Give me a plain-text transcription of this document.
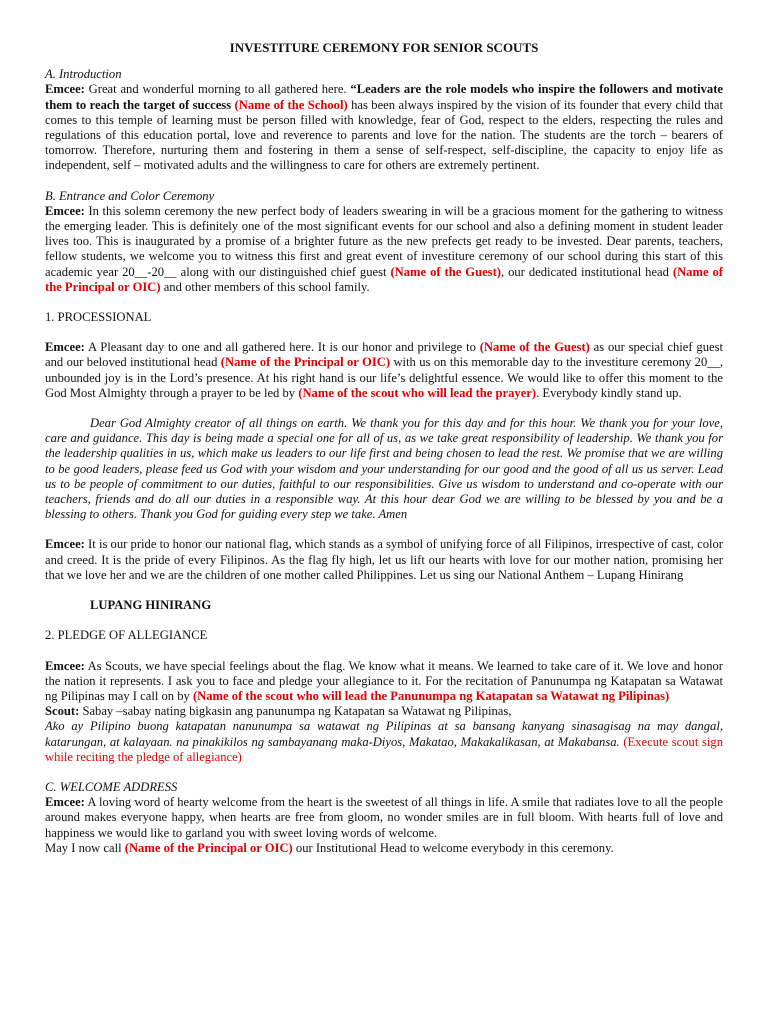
INVESTITURE CEREMONY FOR SENIOR SCOUTS

A. Introduction

Emcee: Great and wonderful morning to all gathered here. “Leaders are the role models who inspire the followers and motivate them to reach the target of success (Name of the School) has been always inspired by the vision of its founder that every child that comes to this temple of learning must be person filled with knowledge, fear of God, respect to the elders, respecting the rules and regulations of this education portal, love and reverence to parents and love for the nation. The students are the torch – bearers of tomorrow. Therefore, nurturing them and fostering in them a sense of self-respect, self-discipline, the capacity to enjoy life as independent, self – motivated adults and the willingness to care for others are extremely pertinent.

B. Entrance and Color Ceremony

Emcee: In this solemn ceremony the new perfect body of leaders swearing in will be a gracious moment for the gathering to witness the emerging leader. This is definitely one of the most significant events for our school and also a defining moment in student leader lives too. This is inaugurated by a promise of a brighter future as the new prefects get ready to be invested. Dear parents, teachers, fellow students, we welcome you to witness this first and great event of investiture ceremony of our school during this start of this academic year 20__-20__ along with our distinguished chief guest (Name of the Guest), our dedicated institutional head (Name of the Principal or OIC) and other members of this school family.

1. PROCESSIONAL

Emcee: A Pleasant day to one and all gathered here. It is our honor and privilege to (Name of the Guest) as our special chief guest and our beloved institutional head (Name of the Principal or OIC) with us on this memorable day to the investiture ceremony 20__, unbounded joy is in the Lord’s presence. At his right hand is our life’s delightful essence. We would like to offer this moment to the God Most Almighty through a prayer to be led by (Name of the scout who will lead the prayer). Everybody kindly stand up.

Dear God Almighty creator of all things on earth. We thank you for this day and for this hour. We thank you for your love, care and guidance. This day is being made a special one for all of us, as we take great responsibility of leadership. We thank you for the leadership qualities in us, which make us leaders to our life first and being chosen to lead the rest. We promise that we are willing to be good leaders, please feed us God with your wisdom and your understanding for our good and the good of all us us server. Lead us to be people of commitment to our duties, faithful to our responsibilities. Give us wisdom to understand and co-operate with our teachers, friends and do all our duties in a responsible way. At this hour dear God we are willing to be blessed by you and be a blessing to others. Thank you God for guiding every step we take. Amen

Emcee: It is our pride to honor our national flag, which stands as a symbol of unifying force of all Filipinos, irrespective of cast, color and creed. It is the pride of every Filipinos. As the flag fly high, let us lift our hearts with love for our mother nation, promising her that we love her and we are the children of one mother called Philippines. Let us sing our National Anthem – Lupang Hinirang

LUPANG HINIRANG

2. PLEDGE OF ALLEGIANCE

Emcee: As Scouts, we have special feelings about the flag. We know what it means. We learned to take care of it. We love and honor the nation it represents. I ask you to face and pledge your allegiance to it. For the recitation of Panunumpa ng Katapatan sa Watawat ng Pilipinas may I call on by (Name of the scout who will lead the Panunumpa ng Katapatan sa Watawat ng Pilipinas)

Scout: Sabay –sabay nating bigkasin ang panunumpa ng Katapatan sa Watawat ng Pilipinas,

Ako ay Pilipino buong katapatan nanunumpa sa watawat ng Pilipinas at sa bansang kanyang sinasagisag na may dangal, katarungan, at kalayaan. na pinakikilos ng sambayanang maka-Diyos, Makatao, Makakalikasan, at Makabansa. (Execute scout sign while reciting the pledge of allegiance)

C. WELCOME ADDRESS

Emcee: A loving word of hearty welcome from the heart is the sweetest of all things in life. A smile that radiates love to all the people around makes everyone happy, when hearts are free from gloom, no wonder smiles are in full bloom. With hearts full of love and happiness we would like to garland you with sweet loving words of welcome.

May I now call (Name of the Principal or OIC) our Institutional Head to welcome everybody in this ceremony.
